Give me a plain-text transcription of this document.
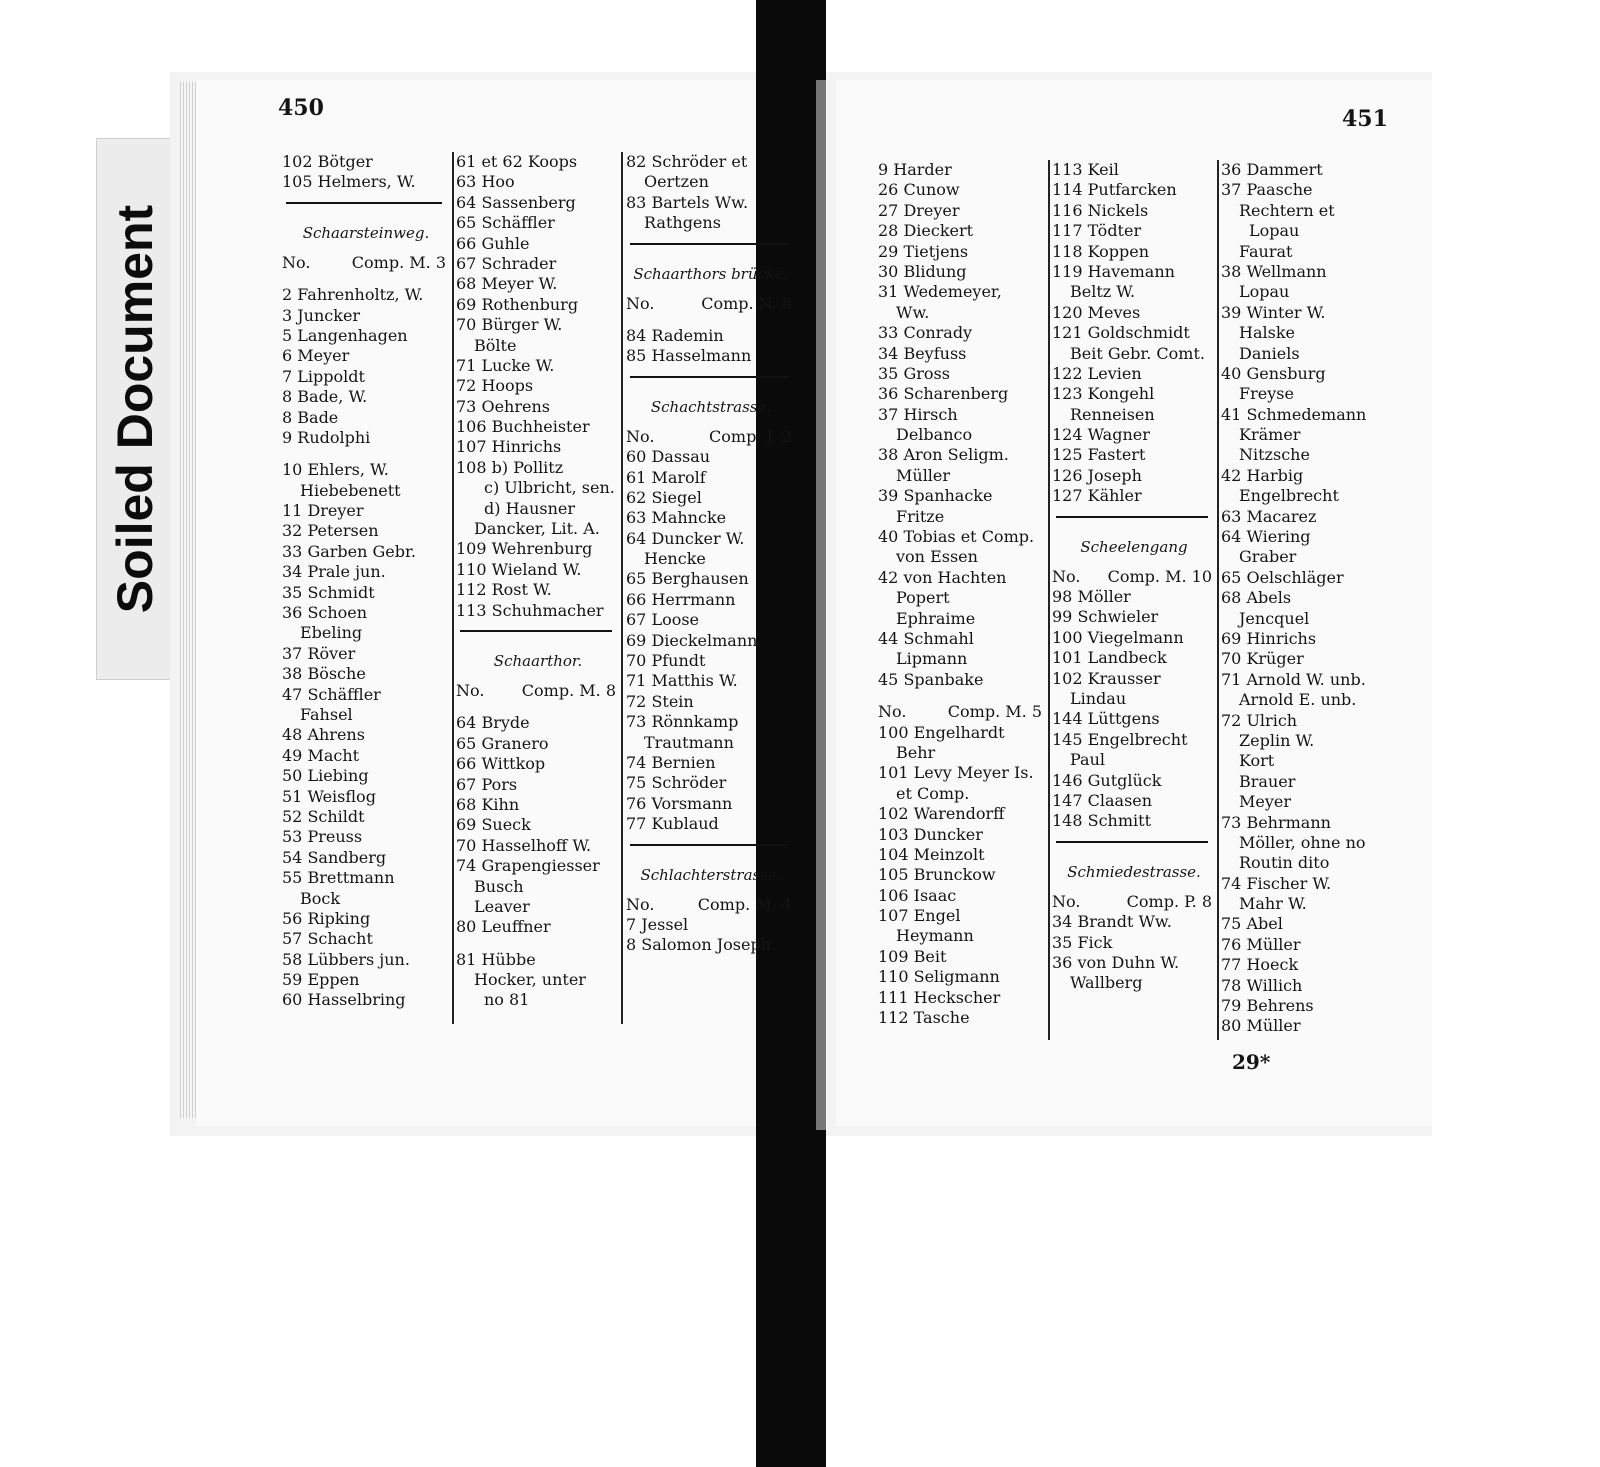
Soiled Document
450	451
102 Bötger
105 Helmers, W.
Schaarsteinweg.
No.	Comp. M. 3
2 Fahrenholtz, W.
3 Juncker
5 Langenhagen
6 Meyer
7 Lippoldt
8 Bade, W.
8 Bade
9 Rudolphi
10 Ehlers, W.
Hiebebenett
11 Dreyer
32 Petersen
33 Garben Gebr.
34 Prale jun.
35 Schmidt
36 Schoen
Ebeling
37 Röver
38 Bösche
47 Schäffler
Fahsel
48 Ahrens
49 Macht
50 Liebing
51 Weisflog
52 Schildt
53 Preuss
54 Sandberg
55 Brettmann
Bock
56 Ripking
57 Schacht
58 Lübbers jun.
59 Eppen
60 Hasselbring
61 et 62 Koops
63 Hoo
64 Sassenberg
65 Schäffler
66 Guhle
67 Schrader
68 Meyer W.
69 Rothenburg
70 Bürger W.
Bölte
71 Lucke W.
72 Hoops
73 Oehrens
106 Buchheister
107 Hinrichs
108 b) Pollitz
c) Ulbricht, sen.
d) Hausner
Dancker, Lit. A.
109 Wehrenburg
110 Wieland W.
112 Rost W.
113 Schuhmacher
Schaarthor.
No. Comp. M. 8
64 Bryde
65 Granero
66 Wittkop
67 Pors
68 Kihn
69 Sueck
70 Hasselhoff W.
74 Grapengiesser
Busch
Leaver
80 Leuffner
81 Hübbe
Hocker, unter
no 81
82 Schröder et
Oertzen
83 Bartels Ww.
Rathgens
Schaarthors brücke.
No.	Comp. N. 8
84 Rademin
85 Hasselmann
Schachtstrasse.
No.	Comp. J. 2
60 Dassau
61 Marolf
62 Siegel
63 Mahncke
64 Duncker W.
Hencke
65 Berghausen
66 Herrmann
67 Loose
69 Dieckelmann
70 Pfundt
71 Matthis W.
72 Stein
73 Rönnkamp
Trautmann
74 Bernien
75 Schröder
76 Vorsmann
77 Kublaud
Schlachterstrasse.
No.	Comp. M. 4
7 Jessel
8 Salomon Joseph
9 Harder
26 Cunow
27 Dreyer
28 Dieckert
29 Tietjens
30 Blidung
31 Wedemeyer,
Ww.
33 Conrady
34 Beyfuss
35 Gross
36 Scharenberg
37 Hirsch
Delbanco
38 Aron Seligm.
Müller
39 Spanhacke
Fritze
40 Tobias et Comp.
von Essen
42 von Hachten
Popert
Ephraime
44 Schmahl
Lipmann
45 Spanbake
No.	Comp. M. 5
100 Engelhardt
Behr
101 Levy Meyer Is.
et Comp.
102 Warendorff
103 Duncker
104 Meinzolt
105 Brunckow
106 Isaac
107 Engel
Heymann
109 Beit
110 Seligmann
111 Heckscher
112 Tasche
113 Keil
114 Putfarcken
116 Nickels
117 Tödter
118 Koppen
119 Havemann
Beltz W.
120 Meves
121 Goldschmidt
Beit Gebr. Comt.
122 Levien
123 Kongehl
Renneisen
124 Wagner
125 Fastert
126 Joseph
127 Kähler
Scheelengang
No. Comp. M. 10
98 Möller
99 Schwieler
100 Viegelmann
101 Landbeck
102 Krausser
Lindau
144 Lüttgens
145 Engelbrecht
Paul
146 Gutglück
147 Claasen
148 Schmitt
Schmiedestrasse.
No.	Comp. P. 8
34 Brandt Ww.
35 Fick
36 von Duhn W.
Wallberg
36 Dammert
37 Paasche
Rechtern et
Lopau
Faurat
38 Wellmann
Lopau
39 Winter W.
Halske
Daniels
40 Gensburg
Freyse
41 Schmedemann
Krämer
Nitzsche
42 Harbig
Engelbrecht
63 Macarez
64 Wiering
Graber
65 Oelschläger
68 Abels
Jencquel
69 Hinrichs
70 Krüger
71 Arnold W. unb.
Arnold E. unb.
72 Ulrich
Zeplin W.
Kort
Brauer
Meyer
73 Behrmann
Möller, ohne no
Routin dito
74 Fischer W.
Mahr W.
75 Abel
76 Müller
77 Hoeck
78 Willich
79 Behrens
80 Müller
29*
